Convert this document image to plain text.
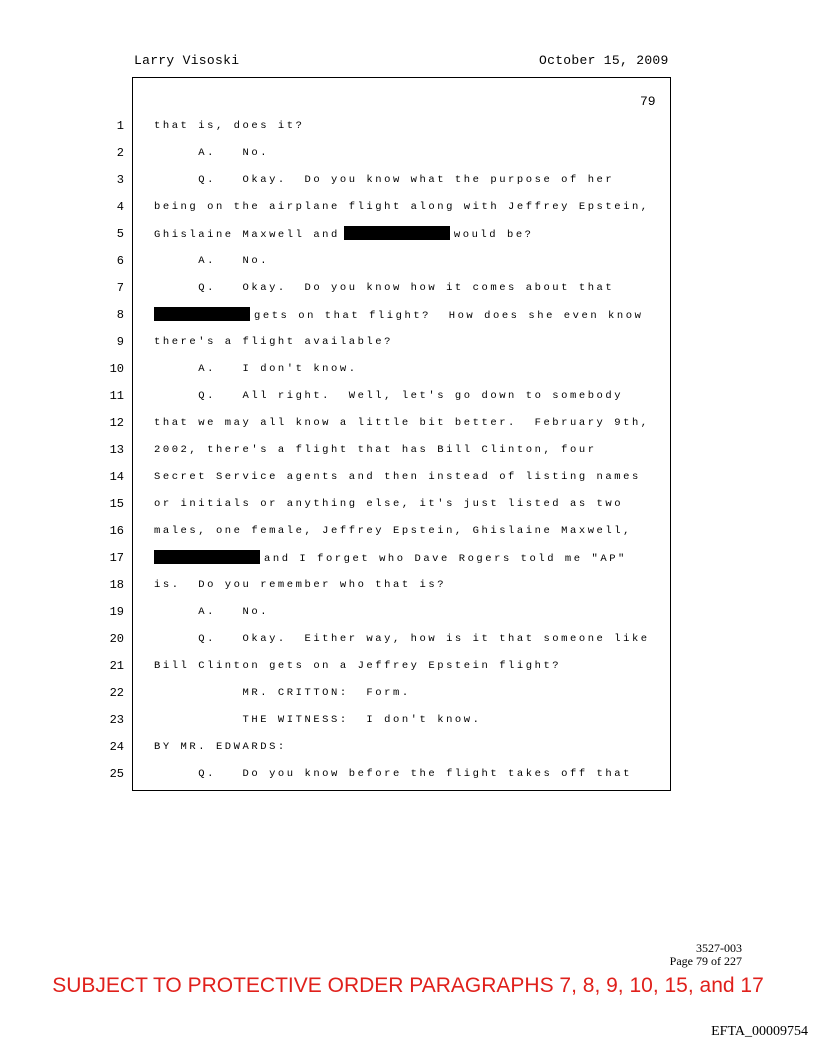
Larry Visoski	October 15, 2009
79
1
2
3
4
5
6
7
8
9
10
11
12
13
14
15
16
17
18
19
20
21
22
23
24
25
that is, does it?
A.   No.
Q.   Okay.  Do you know what the purpose of her
being on the airplane flight along with Jeffrey Epstein,
Ghislaine Maxwell and	would be?
A.   No.
Q.   Okay.  Do you know how it comes about that
gets on that flight?  How does she even know
there's a flight available?
A.   I don't know.
Q.   All right.  Well, let's go down to somebody
that we may all know a little bit better.  February 9th,
2002, there's a flight that has Bill Clinton, four
Secret Service agents and then instead of listing names
or initials or anything else, it's just listed as two
males, one female, Jeffrey Epstein, Ghislaine Maxwell,
and I forget who Dave Rogers told me "AP"
is.  Do you remember who that is?
A.   No.
Q.   Okay.  Either way, how is it that someone like
Bill Clinton gets on a Jeffrey Epstein flight?
MR. CRITTON:  Form.
THE WITNESS:  I don't know.
BY MR. EDWARDS:
Q.   Do you know before the flight takes off that
3527-003
Page 79 of 227
SUBJECT TO PROTECTIVE ORDER PARAGRAPHS 7, 8, 9, 10, 15, and 17
EFTA_00009754
